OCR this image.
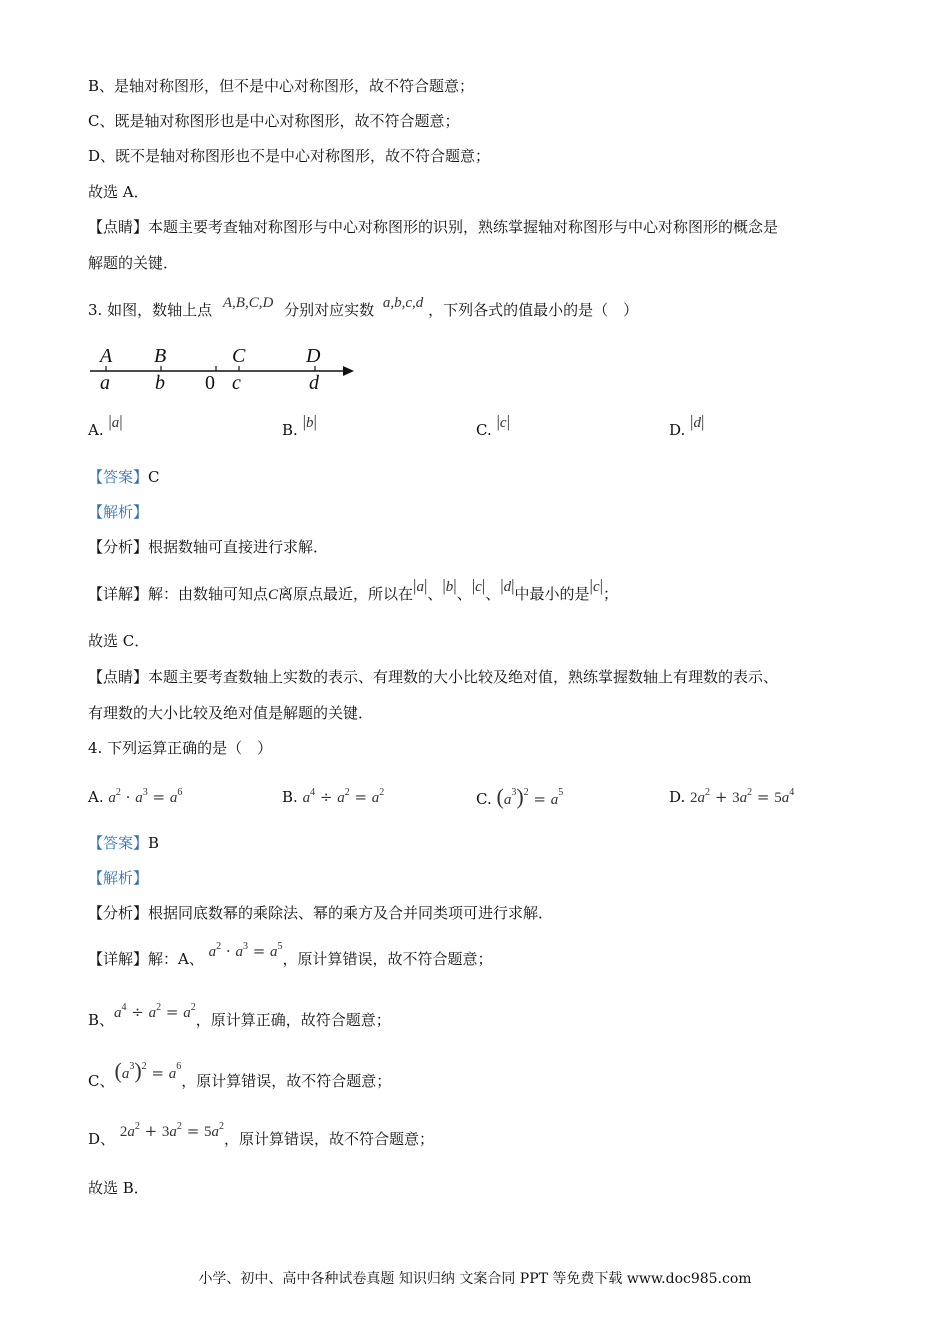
B、是轴对称图形，但不是中心对称图形，故不符合题意；
C、既是轴对称图形也是中心对称图形，故不符合题意；
D、既不是轴对称图形也不是中心对称图形，故不符合题意；
故选 A．
【点睛】本题主要考查轴对称图形与中心对称图形的识别，熟练掌握轴对称图形与中心对称图形的概念是
解题的关键．
3. 如图，数轴上点 A,B,C,D 分别对应实数 a,b,c,d ，下列各式的值最小的是（　）
A B	C	D
a b 0 c	d
A. |a|	B. |b|	C. |c|	D. |d|
【答案】C
【解析】
【分析】根据数轴可直接进行求解．
【详解】解：由数轴可知点C离原点最近，所以在|a|、|b|、|c|、|d|中最小的是|c|；
故选 C．
【点睛】本题主要考查数轴上实数的表示、有理数的大小比较及绝对值，熟练掌握数轴上有理数的表示、
有理数的大小比较及绝对值是解题的关键．
4. 下列运算正确的是（　）
A. $a^2 \cdot a^3 = a^6$	B. $a^4 \div a^2 = a^2$	C. $(a^3)^2 = a^5$	D. $2a^2 + 3a^2 = 5a^4$
【答案】B
【解析】
【分析】根据同底数幂的乘除法、幂的乘方及合并同类项可进行求解．
【详解】解：A、 $a^2 \cdot a^3 = a^5$，原计算错误，故不符合题意；
B、$a^4 \div a^2 = a^2$，原计算正确，故符合题意；
C、$(a^3)^2 = a^6$，原计算错误，故不符合题意；
D、 $2a^2 + 3a^2 = 5a^2$，原计算错误，故不符合题意；
故选 B．
小学、初中、高中各种试卷真题 知识归纳 文案合同 PPT 等免费下载 www.doc985.com
